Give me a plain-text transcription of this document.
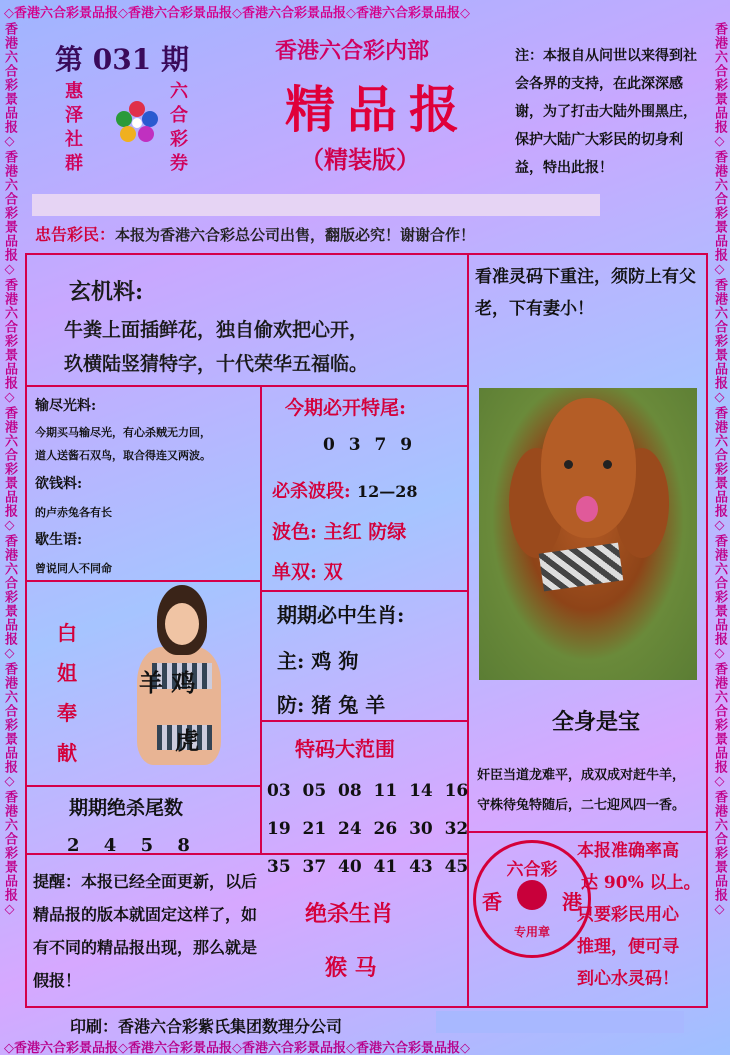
◇香港六合彩景品报◇香港六合彩景品报◇香港六合彩景品报◇香港六合彩景品报◇
◇香港六合彩景品报◇香港六合彩景品报◇香港六合彩景品报◇香港六合彩景品报◇
香港六合彩景品报◇香港六合彩景品报◇香港六合彩景品报◇香港六合彩景品报◇香港六合彩景品报◇香港六合彩景品报◇香港六合彩景品报◇	香港六合彩景品报◇香港六合彩景品报◇香港六合彩景品报◇香港六合彩景品报◇香港六合彩景品报◇香港六合彩景品报◇香港六合彩景品报◇
第 031 期
惠
泽
社
群
六
合
彩
券
香港六合彩内部
精品报
（精装版）
注：本报自从问世以来得到社会各界的支持，在此深深感谢，为了打击大陆外围黑庄，保护大陆广大彩民的切身利益，特出此报！
忠告彩民：本报为香港六合彩总公司出售，翻版必究！谢谢合作！
玄机料:
牛粪上面插鲜花，独自偷欢把心开，
玖横陆竖猜特字，十代荣华五福临。
看准灵码下重注，须防上有父老，下有妻小！
输尽光料:
今期买马输尽光，有心杀贼无力回，
道人送酱石双鸟，取合得连又两波。
欲钱料:
的卢赤兔各有长
歇生语:
曾说同人不同命
今期必开特尾:
0 3 7 9
必杀波段: 12—28
波色: 主红 防绿
单双: 双
期期必中生肖:
主: 鸡 狗
防: 猪 兔 羊
白
姐
奉
献
羊 鸡
虎	特码大范围
03 05 08 11 14 16
19 21 24 26 30 32
35 37 40 41 43 45
全身是宝
奸臣当道龙难平，成双成对赶牛羊，
守株待兔特随后，二七迎风四一香。
期期绝杀尾数
2　 4　 5　 8
提醒：本报已经全面更新，以后精品报的版本就固定这样了，如有不同的精品报出现，那么就是假报！
绝杀生肖
猴 马
本报准确率高
达 90% 以上。
只要彩民用心
推理，便可寻
到心水灵码！
六合彩
香	港
专用章
印刷：香港六合彩紫氏集团数理分公司
